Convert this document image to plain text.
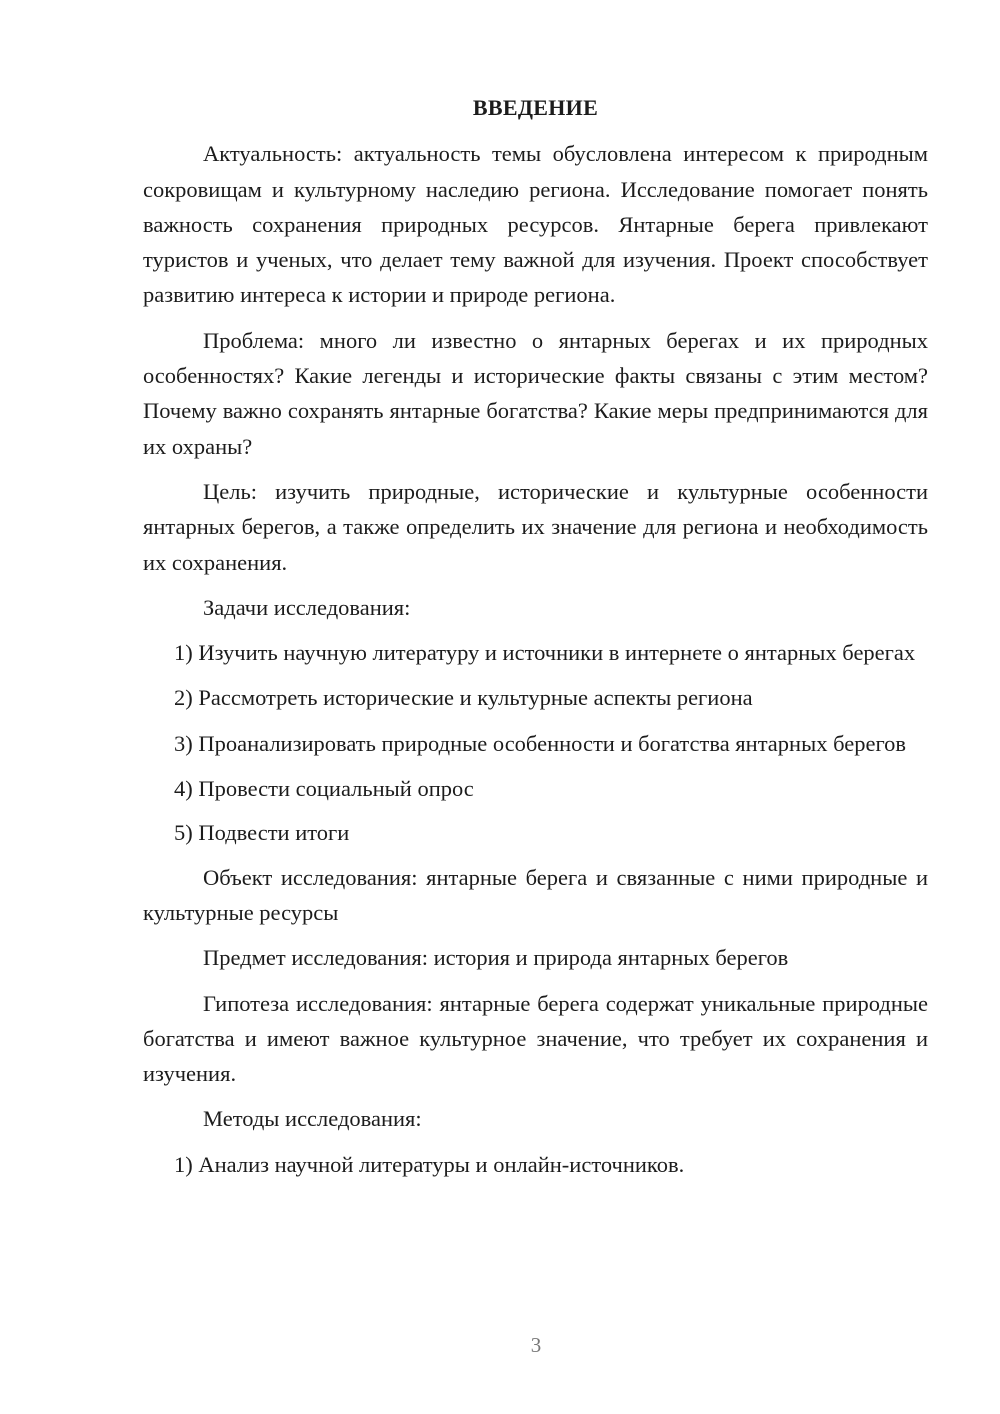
ВВЕДЕНИЕ

Актуальность: актуальность темы обусловлена интересом к природным сокровищам и культурному наследию региона. Исследование помогает понять важность сохранения природных ресурсов. Янтарные берега привлекают туристов и ученых, что делает тему важной для изучения. Проект способствует развитию интереса к истории и природе региона.

Проблема: много ли известно о янтарных берегах и их природных особенностях? Какие легенды и исторические факты связаны с этим местом? Почему важно сохранять янтарные богатства? Какие меры предпринимаются для их охраны?

Цель: изучить природные, исторические и культурные особенности янтарных берегов, а также определить их значение для региона и необходимость их сохранения.

Задачи исследования:

1) Изучить научную литературу и источники в интернете о янтарных берегах

2) Рассмотреть исторические и культурные аспекты региона

3) Проанализировать природные особенности и богатства янтарных берегов

4) Провести социальный опрос

5) Подвести итоги

Объект исследования: янтарные берега и связанные с ними природные и культурные ресурсы

Предмет исследования: история и природа янтарных берегов

Гипотеза исследования: янтарные берега содержат уникальные природные богатства и имеют важное культурное значение, что требует их сохранения и изучения.

Методы исследования:

1) Анализ научной литературы и онлайн-источников.

3
